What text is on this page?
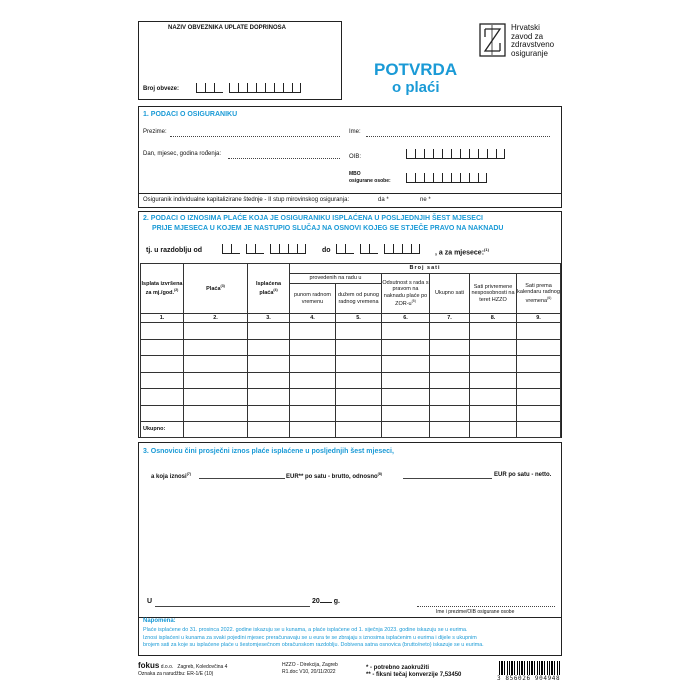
NAZIV OBVEZNIKA UPLATE DOPRINOSA
Broj obveze:
Hrvatski
zavod za
zdravstveno
osiguranje
POTVRDA
o plaći
1. PODACI O OSIGURANIKU
Prezime:
Dan, mjesec, godina rođenja:
Ime:
OIB:
MBO
osigurane osobe:
Osiguranik individualne kapitalizirane štednje - II stup mirovinskog osiguranja:	da *	ne *
2. PODACI O IZNOSIMA PLAĆE KOJA JE OSIGURANIKU ISPLAĆENA U POSLJEDNJIH ŠEST MJESECI
PRIJE MJESECA U KOJEM JE NASTUPIO SLUČAJ NA OSNOVI KOJEG SE STJEČE PRAVO NA NAKNADU
tj. u razdoblju od	do	, a za mjesece:$^{(1)}$
Isplata izvršena za mj./god.$^{(2)}$	Plaća$^{(3)}$	Isplaćena plaća$^{(4)}$	Broj sati					
			provedenih na radu u		Odsutnost s rada s pravom na naknadu plaće po ZOR-$u^{(5)}$	Ukupno sati	Sati privremene nesposobnosti na teret HZZO	Sati prema kalendaru radnog vremena$^{(6)}$
			punom radnom vremenu	dužem od punog radnog vremena				
1.	2.	3.	4.	5.	6.	7.	8.	9.

Ukupno:								
3. Osnovicu čini prosječni iznos plaće isplaćene u posljednjih šest mjeseci,
a koja iznosi$^{(7)}$	EUR** po satu - brutto, odnosno$^{(8)}$	EUR po satu - netto.
U	20 g.
Ime i prezime/OIB osigurane osobe
Napomena:
Plaće isplaćene do 31. prosinca 2022. godine iskazuju se u kunama, a plaće isplaćene od 1. siječnja 2023. godine iskazuju se u eurima.
Iznosi isplaćeni u kunama za svaki pojedini mjesec preračunavaju se u eura te se zbrajaju s iznosima isplaćenim u eurima i dijele s ukupnim
brojem sati za koje su isplaćene plaće u šestomjesečnom obračunskom razdoblju. Dobivena satna osnovica (brutto/neto) iskazuje se u eurima.
fokus d.o.o. Zagreb, Koledovčina 4
Oznaka za narudžbu: ER-1/E (10)
HZZO - Direkcija, Zagreb
R1.doc V10, 20/11/2022
* - potrebno zaokružiti
** - fiksni tečaj konverzije 7,53450	3 856026 904948
